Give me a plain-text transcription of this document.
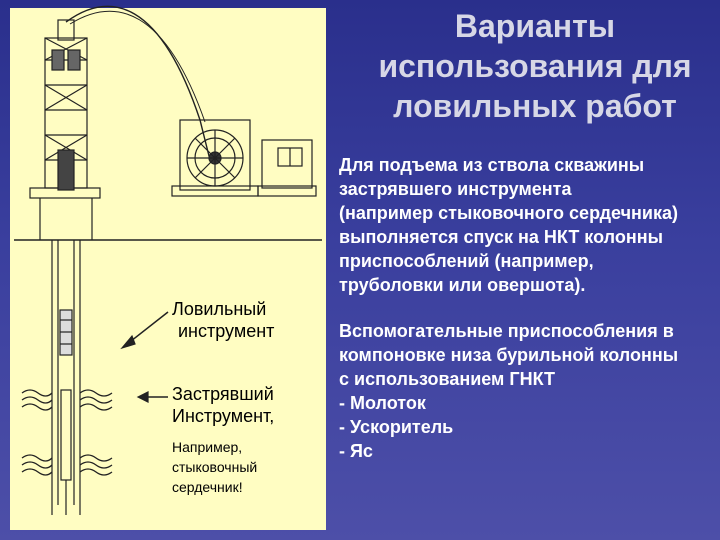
Ловильный
инструмент
Застрявший
Инструмент,
Например,
стыковочный
сердечник!
Варианты
использования для
ловильных работ
Для подъема из ствола скважины
застрявшего инструмента
(например стыковочного сердечника)
выполняется спуск на НКТ колонны
приспособлений (например,
труболовки или овершота).
Вспомогательные приспособления в
компоновке низа бурильной колонны
с использованием ГНКТ
- Молоток
- Ускоритель
- Яс
